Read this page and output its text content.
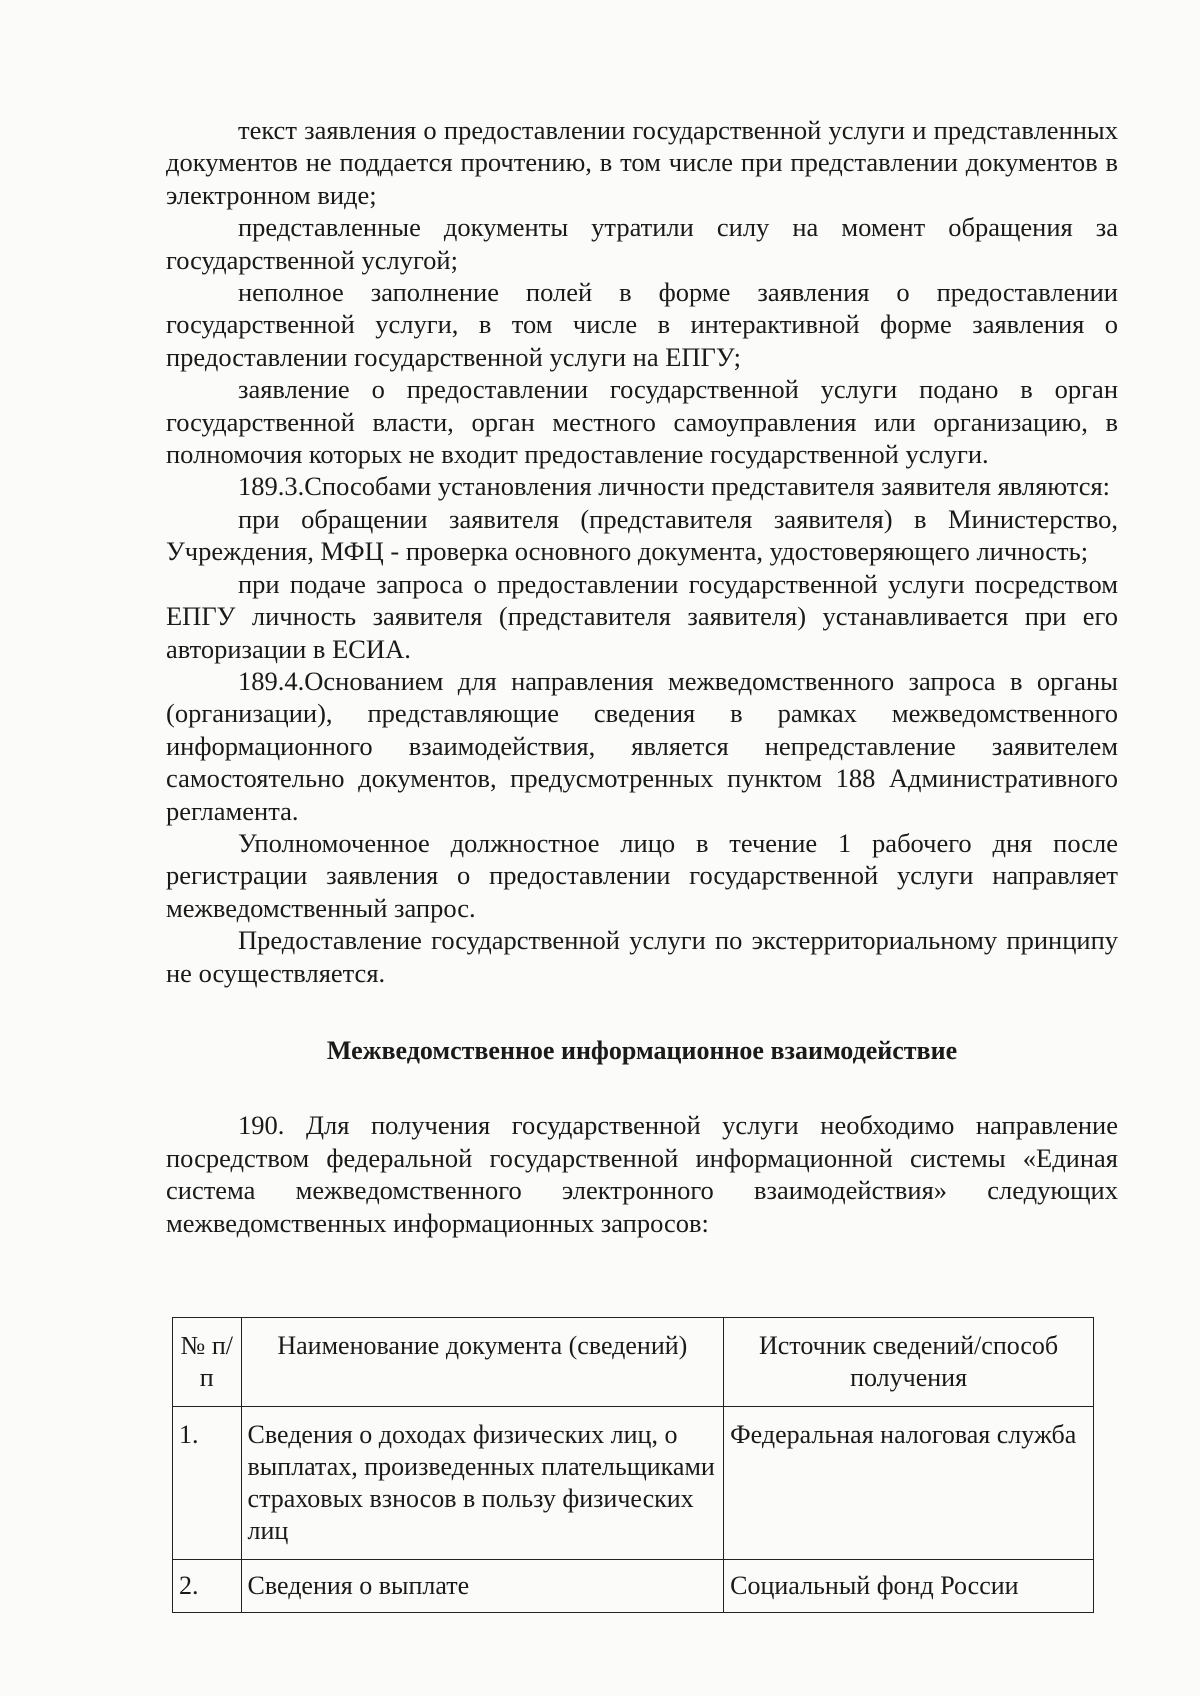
текст заявления о предоставлении государственной услуги и представленных документов не поддается прочтению, в том числе при представлении документов в электронном виде;

представленные документы утратили силу на момент обращения за государственной услугой;

неполное заполнение полей в форме заявления о предоставлении государственной услуги, в том числе в интерактивной форме заявления о предоставлении государственной услуги на ЕПГУ;

заявление о предоставлении государственной услуги подано в орган государственной власти, орган местного самоуправления или организацию, в полномочия которых не входит предоставление государственной услуги.

189.3.Способами установления личности представителя заявителя являются:

при обращении заявителя (представителя заявителя) в Министерство, Учреждения, МФЦ - проверка основного документа, удостоверяющего личность;

при подаче запроса о предоставлении государственной услуги посредством ЕПГУ личность заявителя (представителя заявителя) устанавливается при его авторизации в ЕСИА.

189.4.Основанием для направления межведомственного запроса в органы (организации), представляющие сведения в рамках межведомственного информационного взаимодействия, является непредставление заявителем самостоятельно документов, предусмотренных пунктом 188 Административного регламента.

Уполномоченное должностное лицо в течение 1 рабочего дня после регистрации заявления о предоставлении государственной услуги направляет межведомственный запрос.

Предоставление государственной услуги по экстерриториальному принципу не осуществляется.

Межведомственное информационное взаимодействие

190. Для получения государственной услуги необходимо направление посредством федеральной государственной информационной системы «Единая система межведомственного электронного взаимодействия» следующих межведомственных информационных запросов:

№ п/п	Наименование документа (сведений)	Источник сведений/способ получения
1.	Сведения о доходах физических лиц, о выплатах, произведенных плательщиками страховых взносов в пользу физических лиц	Федеральная налоговая служба
2.	Сведения о выплате	Социальный фонд России
